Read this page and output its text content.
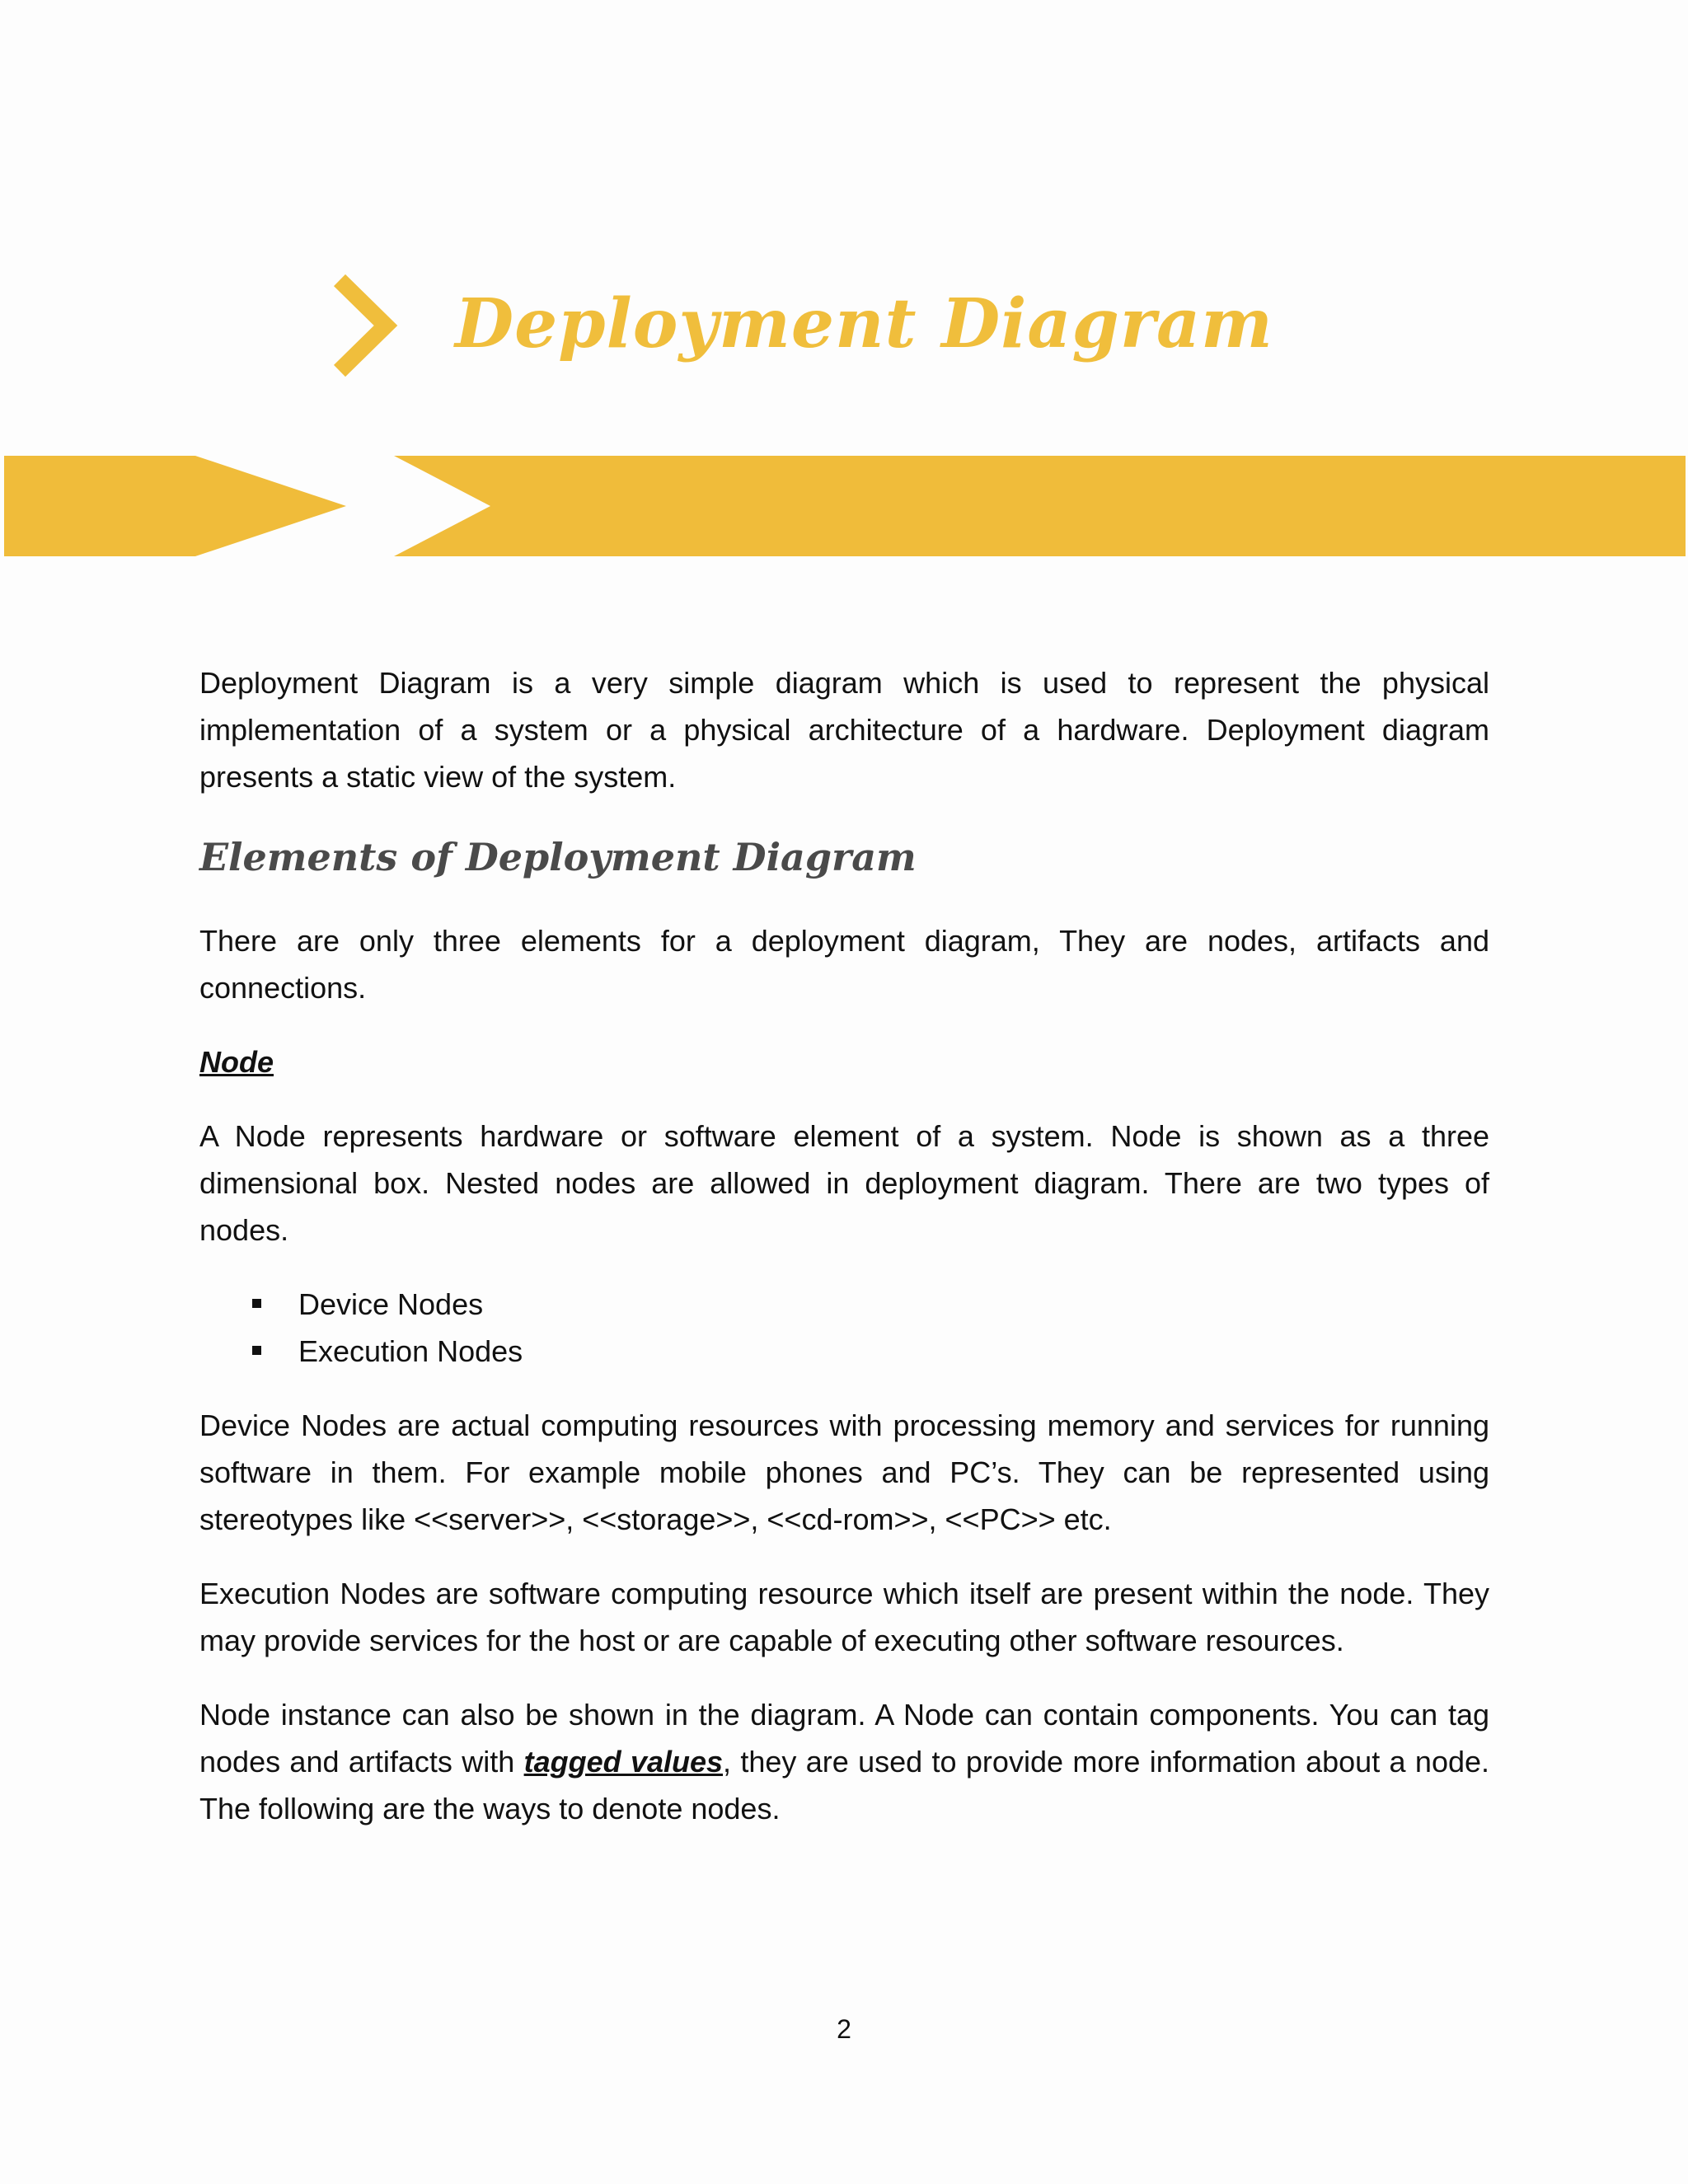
Deployment Diagram

Deployment Diagram is a very simple diagram which is used to represent the physical implementation of a system or a physical architecture of a hardware. Deployment diagram presents a static view of the system.

Elements of Deployment Diagram

There are only three elements for a deployment diagram, They are nodes, artifacts and connections.

Node

A Node represents hardware or software element of a system. Node is shown as a three dimensional box. Nested nodes are allowed in deployment diagram. There are two types of nodes.

Device Nodes
Execution Nodes

Device Nodes are actual computing resources with processing memory and services for running software in them. For example mobile phones and PC’s. They can be represented using stereotypes like <<server>>, <<storage>>, <<cd-rom>>, <<PC>> etc.

Execution Nodes are software computing resource which itself are present within the node. They may provide services for the host or are capable of executing other software resources.

Node instance can also be shown in the diagram. A Node can contain components. You can tag nodes and artifacts with tagged values, they are used to provide more information about a node. The following are the ways to denote nodes.

2
